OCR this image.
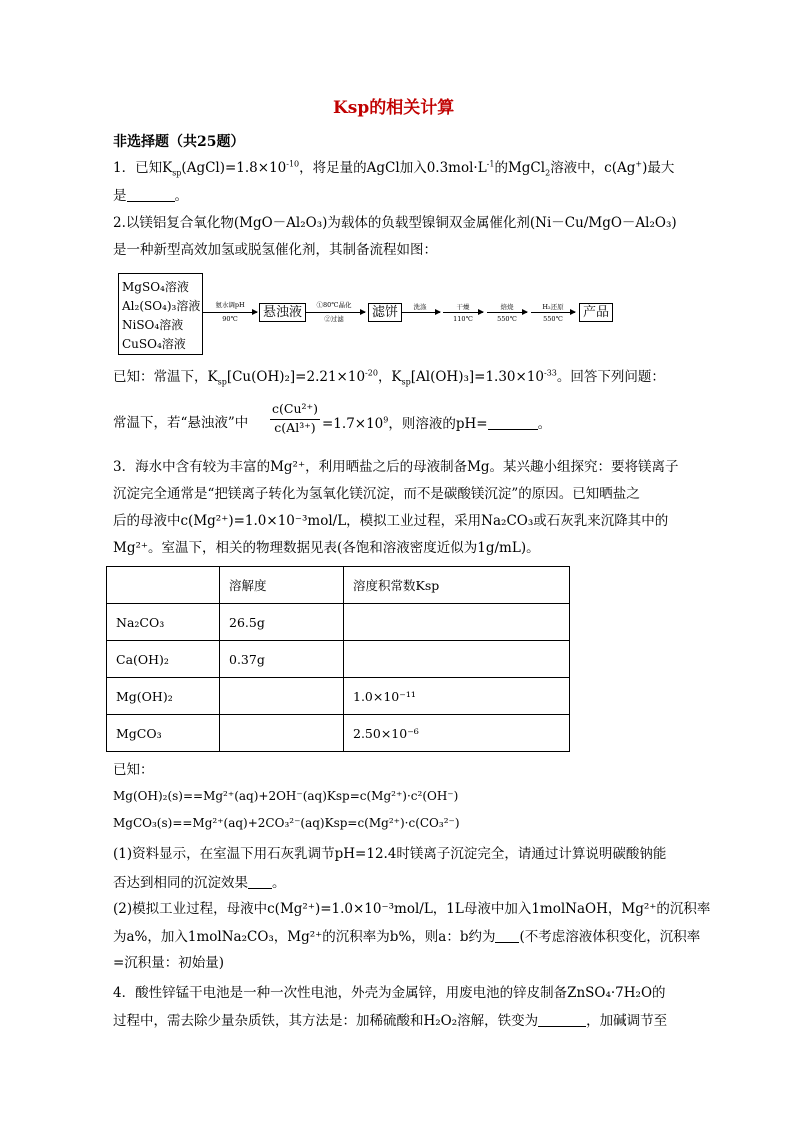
Ksp的相关计算
非选择题（共25题）
1．已知$K_{sp}(AgCl)=1.8\times 10^{-10}$，将足量的AgCl加入$0.3mol\cdot L^{-1}$的MgCl$_2$溶液中，c(Ag+)最大
是	。
2.以镁铝复合氧化物(MgO－Al₂O₃)为载体的负载型镍铜双金属催化剂(Ni－Cu/MgO－Al₂O₃)
是一种新型高效加氢或脱氢催化剂，其制备流程如图：
MgSO₄溶液
Al₂(SO₄)₃溶液
NiSO₄溶液
CuSO₄溶液
氨水调pH
90℃	悬浊液	①80℃晶化
②过滤	滤饼	洗涤	干燥
110℃
焙烧
550℃
H₂还原
550℃	产品
已知：常温下，$K_{sp}[Cu(OH)_2]=2.21\times 10^{-20}$，$K_{sp}[Al(OH)_3]=1.30\times 10^{-33}$。回答下列问题：
常温下，若“悬浊液”中
c(Cu²⁺)
$c(Al^{3+}) =1.7\times 10^9$，则溶液的pH=	。
3．海水中含有较为丰富的Mg²⁺，利用晒盐之后的母液制备Mg。某兴趣小组探究：要将镁离子
沉淀完全通常是“把镁离子转化为氢氧化镁沉淀，而不是碳酸镁沉淀”的原因。已知晒盐之
后的母液中c(Mg²⁺)=1.0×10⁻³mol/L，模拟工业过程，采用Na₂CO₃或石灰乳来沉降其中的
Mg²⁺。室温下，相关的物理数据见表(各饱和溶液密度近似为1g/mL)。
	溶解度	溶度积常数Ksp
Na₂CO₃	26.5g	
Ca(OH)₂	0.37g	
Mg(OH)₂		1.0×10⁻¹¹
MgCO₃		2.50×10⁻⁶
已知：
Mg(OH)₂(s)==Mg²⁺(aq)+2OH⁻(aq)Ksp=c(Mg²⁺)·c²(OH⁻)
MgCO₃(s)==Mg²⁺(aq)+2CO₃²⁻(aq)Ksp=c(Mg²⁺)·c(CO₃²⁻)
(1)资料显示，在室温下用石灰乳调节pH=12.4时镁离子沉淀完全，请通过计算说明碳酸钠能
否达到相同的沉淀效果 。
(2)模拟工业过程，母液中c(Mg²⁺)=1.0×10⁻³mol/L，1L母液中加入1molNaOH，Mg²⁺的沉积率
为a%，加入1molNa₂CO₃，Mg²⁺的沉积率为b%，则a：b约为 (不考虑溶液体积变化，沉积率
=沉积量：初始量)
4．酸性锌锰干电池是一种一次性电池，外壳为金属锌，用废电池的锌皮制备ZnSO₄·7H₂O的
过程中，需去除少量杂质铁，其方法是：加稀硫酸和H₂O₂溶解，铁变为	，加碱调节至
